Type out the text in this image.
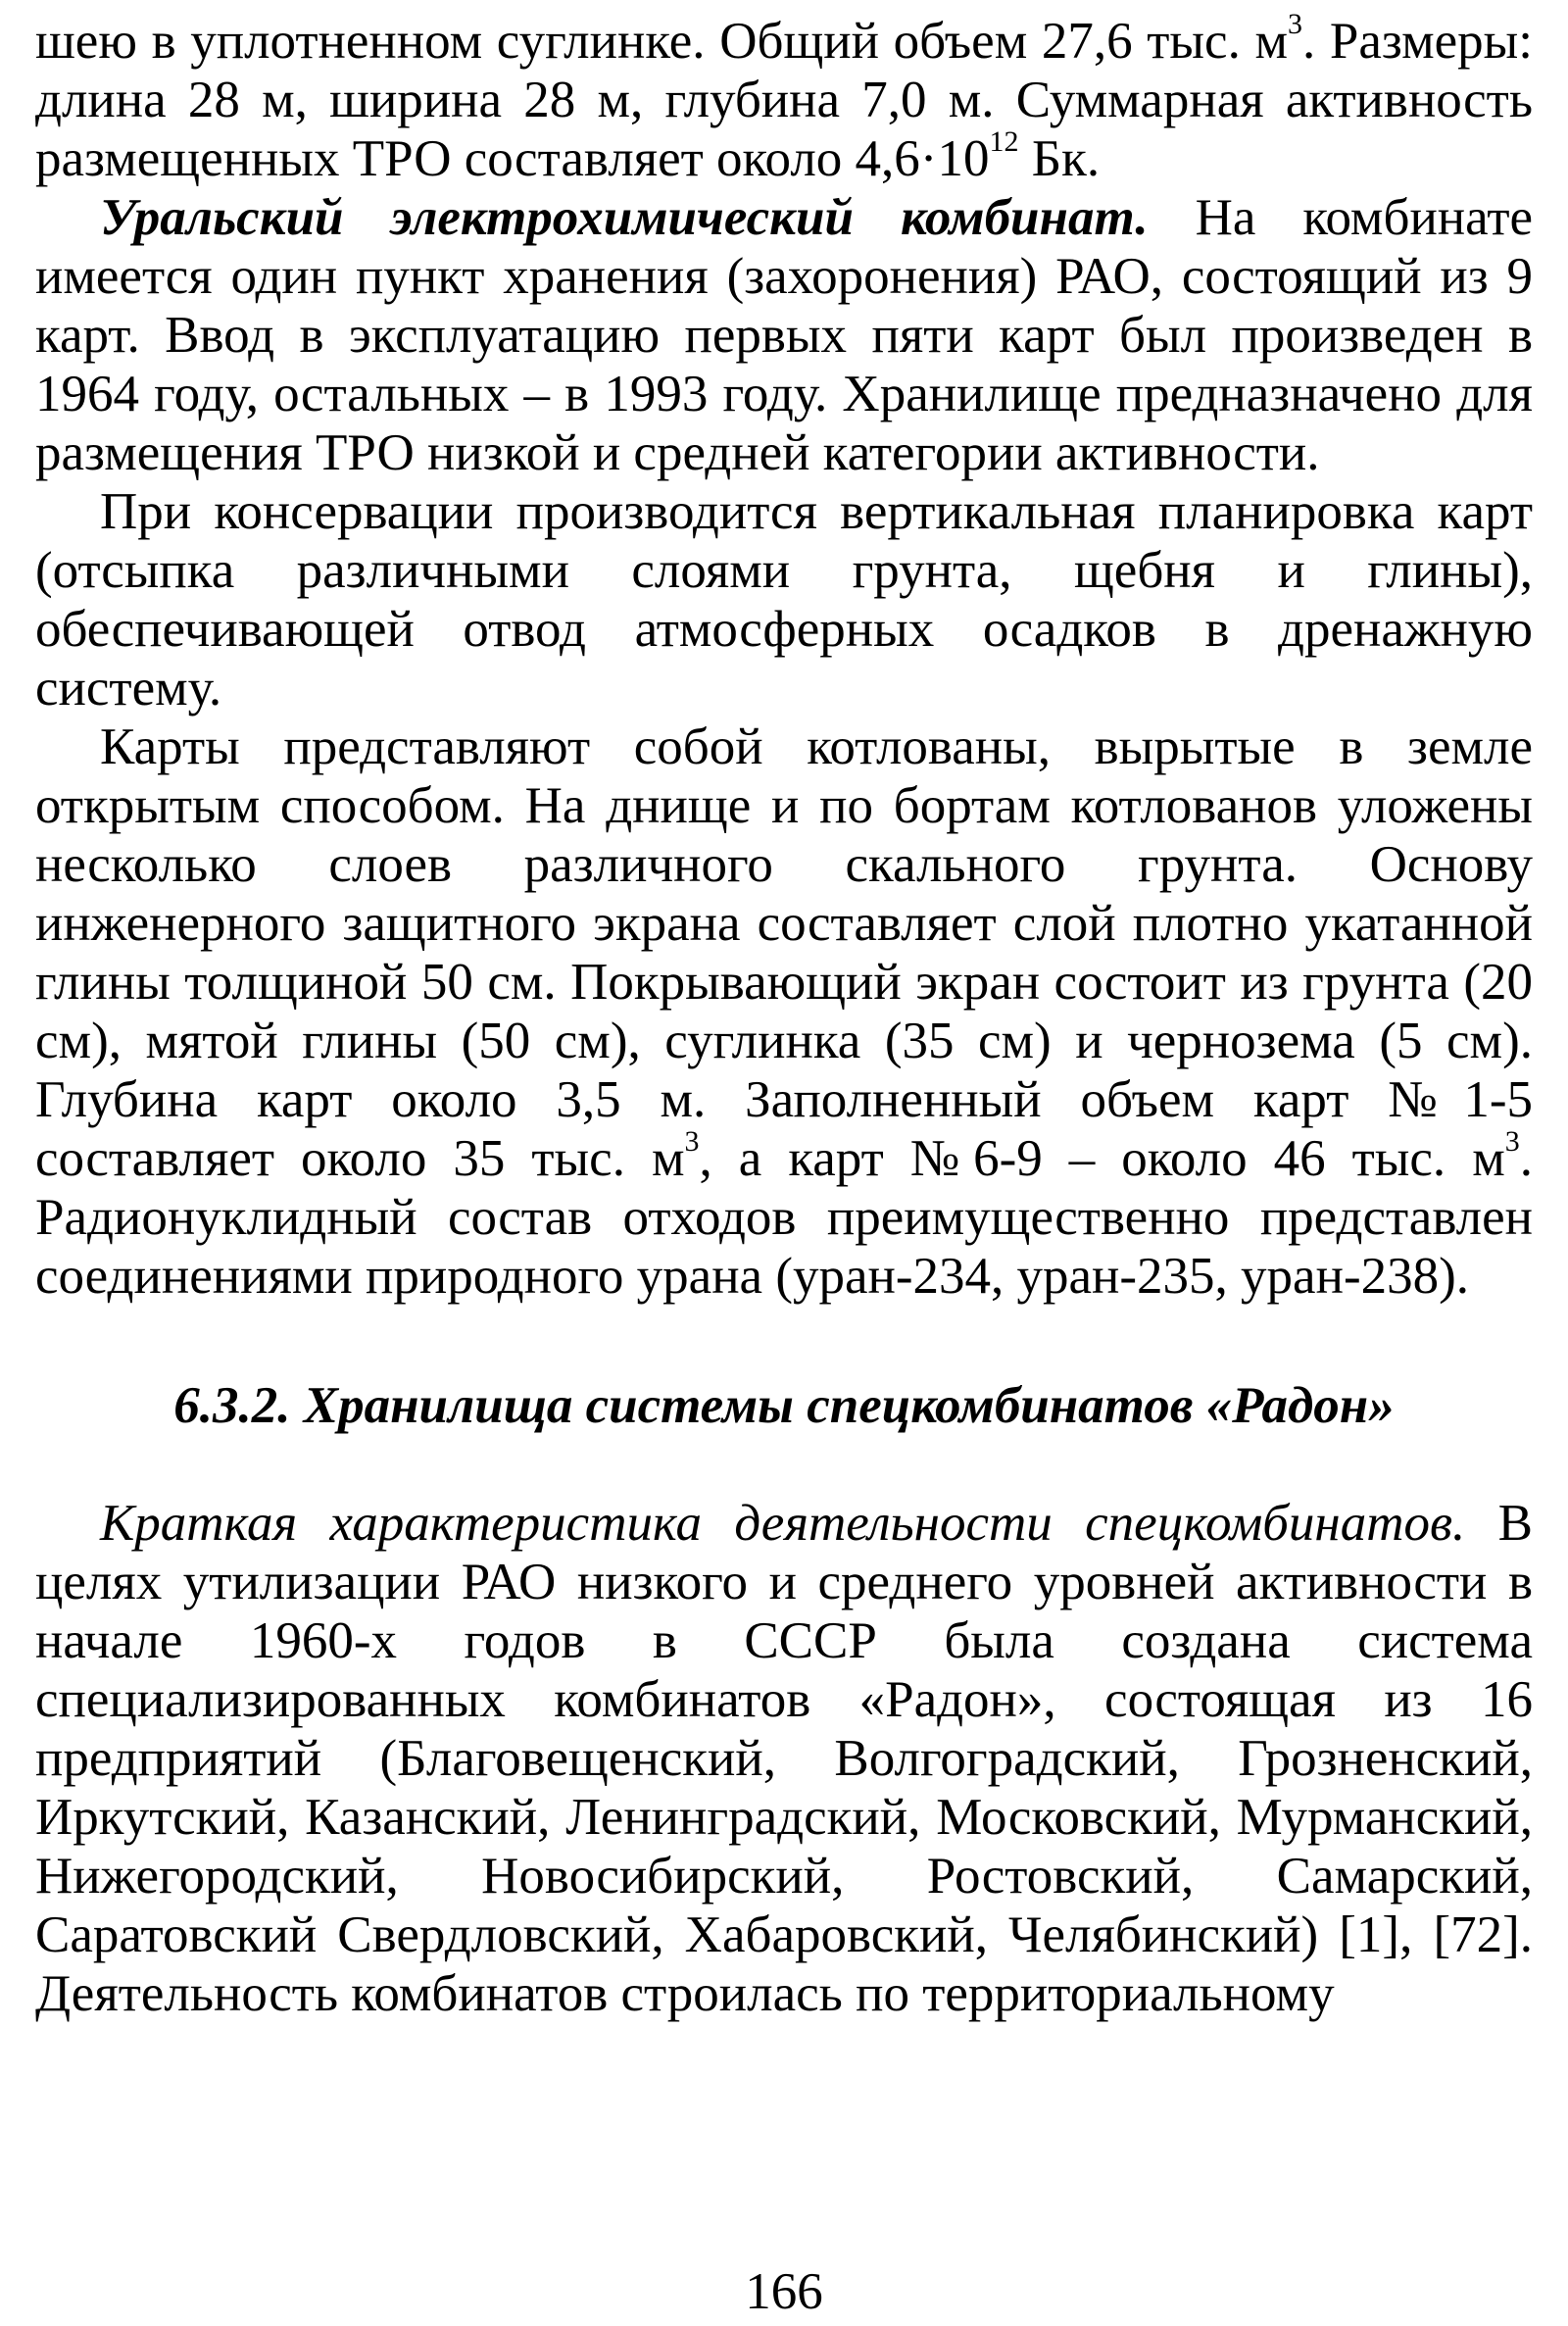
шею в уплотненном суглинке. Общий объем 27,6 тыс. $м^3$. Размеры: длина 28 м, ширина 28 м, глубина 7,0 м. Суммарная активность размещенных ТРО составляет около $4,6\cdot 10^{12}$ Бк.

Уральский электрохимический комбинат. На комбинате имеется один пункт хранения (захоронения) РАО, состоящий из 9 карт. Ввод в эксплуатацию первых пяти карт был произведен в 1964 году, остальных – в 1993 году. Хранилище предназначено для размещения ТРО низкой и средней категории активности.

При консервации производится вертикальная планировка карт (отсыпка различными слоями грунта, щебня и глины), обеспечивающей отвод атмосферных осадков в дренажную систему.

Карты представляют собой котлованы, вырытые в земле открытым способом. На днище и по бортам котлованов уложены несколько слоев различного скального грунта. Основу инженерного защитного экрана составляет слой плотно укатанной глины толщиной 50 см. Покрывающий экран состоит из грунта (20 см), мятой глины (50 см), суглинка (35 см) и чернозема (5 см). Глубина карт около 3,5 м. Заполненный объем карт №1-5 составляет около 35 тыс. $м^3$, а карт №6-9 – около 46 тыс. $м^3$. Радионуклидный состав отходов преимущественно представлен соединениями природного урана (уран-234, уран-235, уран-238).

6.3.2. Хранилища системы спецкомбинатов «Радон»

Краткая характеристика деятельности спецкомбинатов. В целях утилизации РАО низкого и среднего уровней активности в начале 1960-х годов в СССР была создана система специализированных комбинатов «Радон», состоящая из 16 предприятий (Благовещенский, Волгоградский, Грозненский, Иркутский, Казанский, Ленинградский, Московский, Мурманский, Нижегородский, Новосибирский, Ростовский, Самарский, Саратовский Свердловский, Хабаровский, Челябинский) [1], [72]. Деятельность комбинатов строилась по территориальному

166
